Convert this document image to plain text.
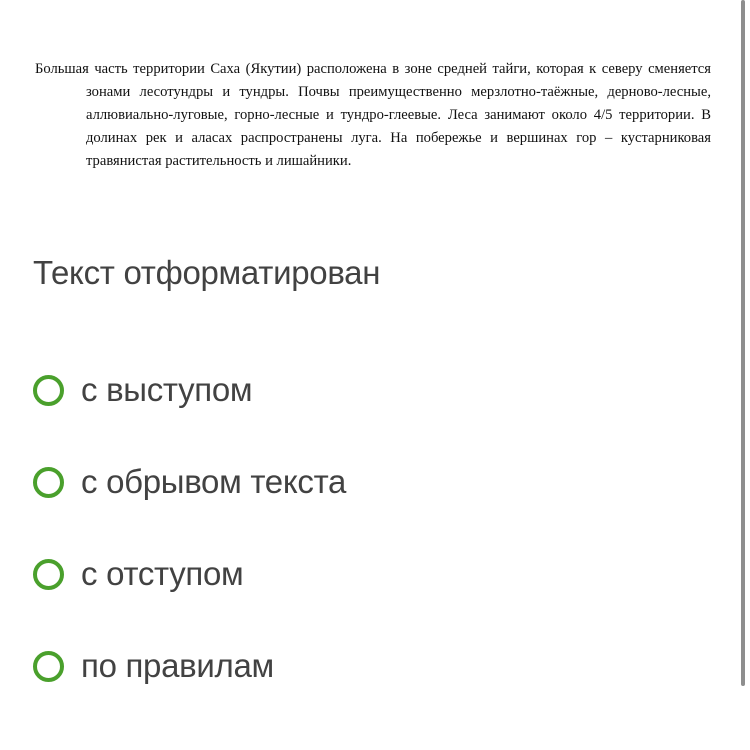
Большая часть территории Саха (Якутии) расположена в зоне средней тайги, которая к северу сменяется зонами лесотундры и тундры. Почвы преимущественно мерзлотно-таёжные, дерново-лесные, аллювиально-луговые, горно-лесные и тундро-глеевые. Леса занимают около 4/5 территории. В долинах рек и аласах распространены луга. На побережье и вершинах гор – кустарниковая травянистая растительность и лишайники.

Текст отформатирован
с выступом
с обрывом текста
с отступом
по правилам
